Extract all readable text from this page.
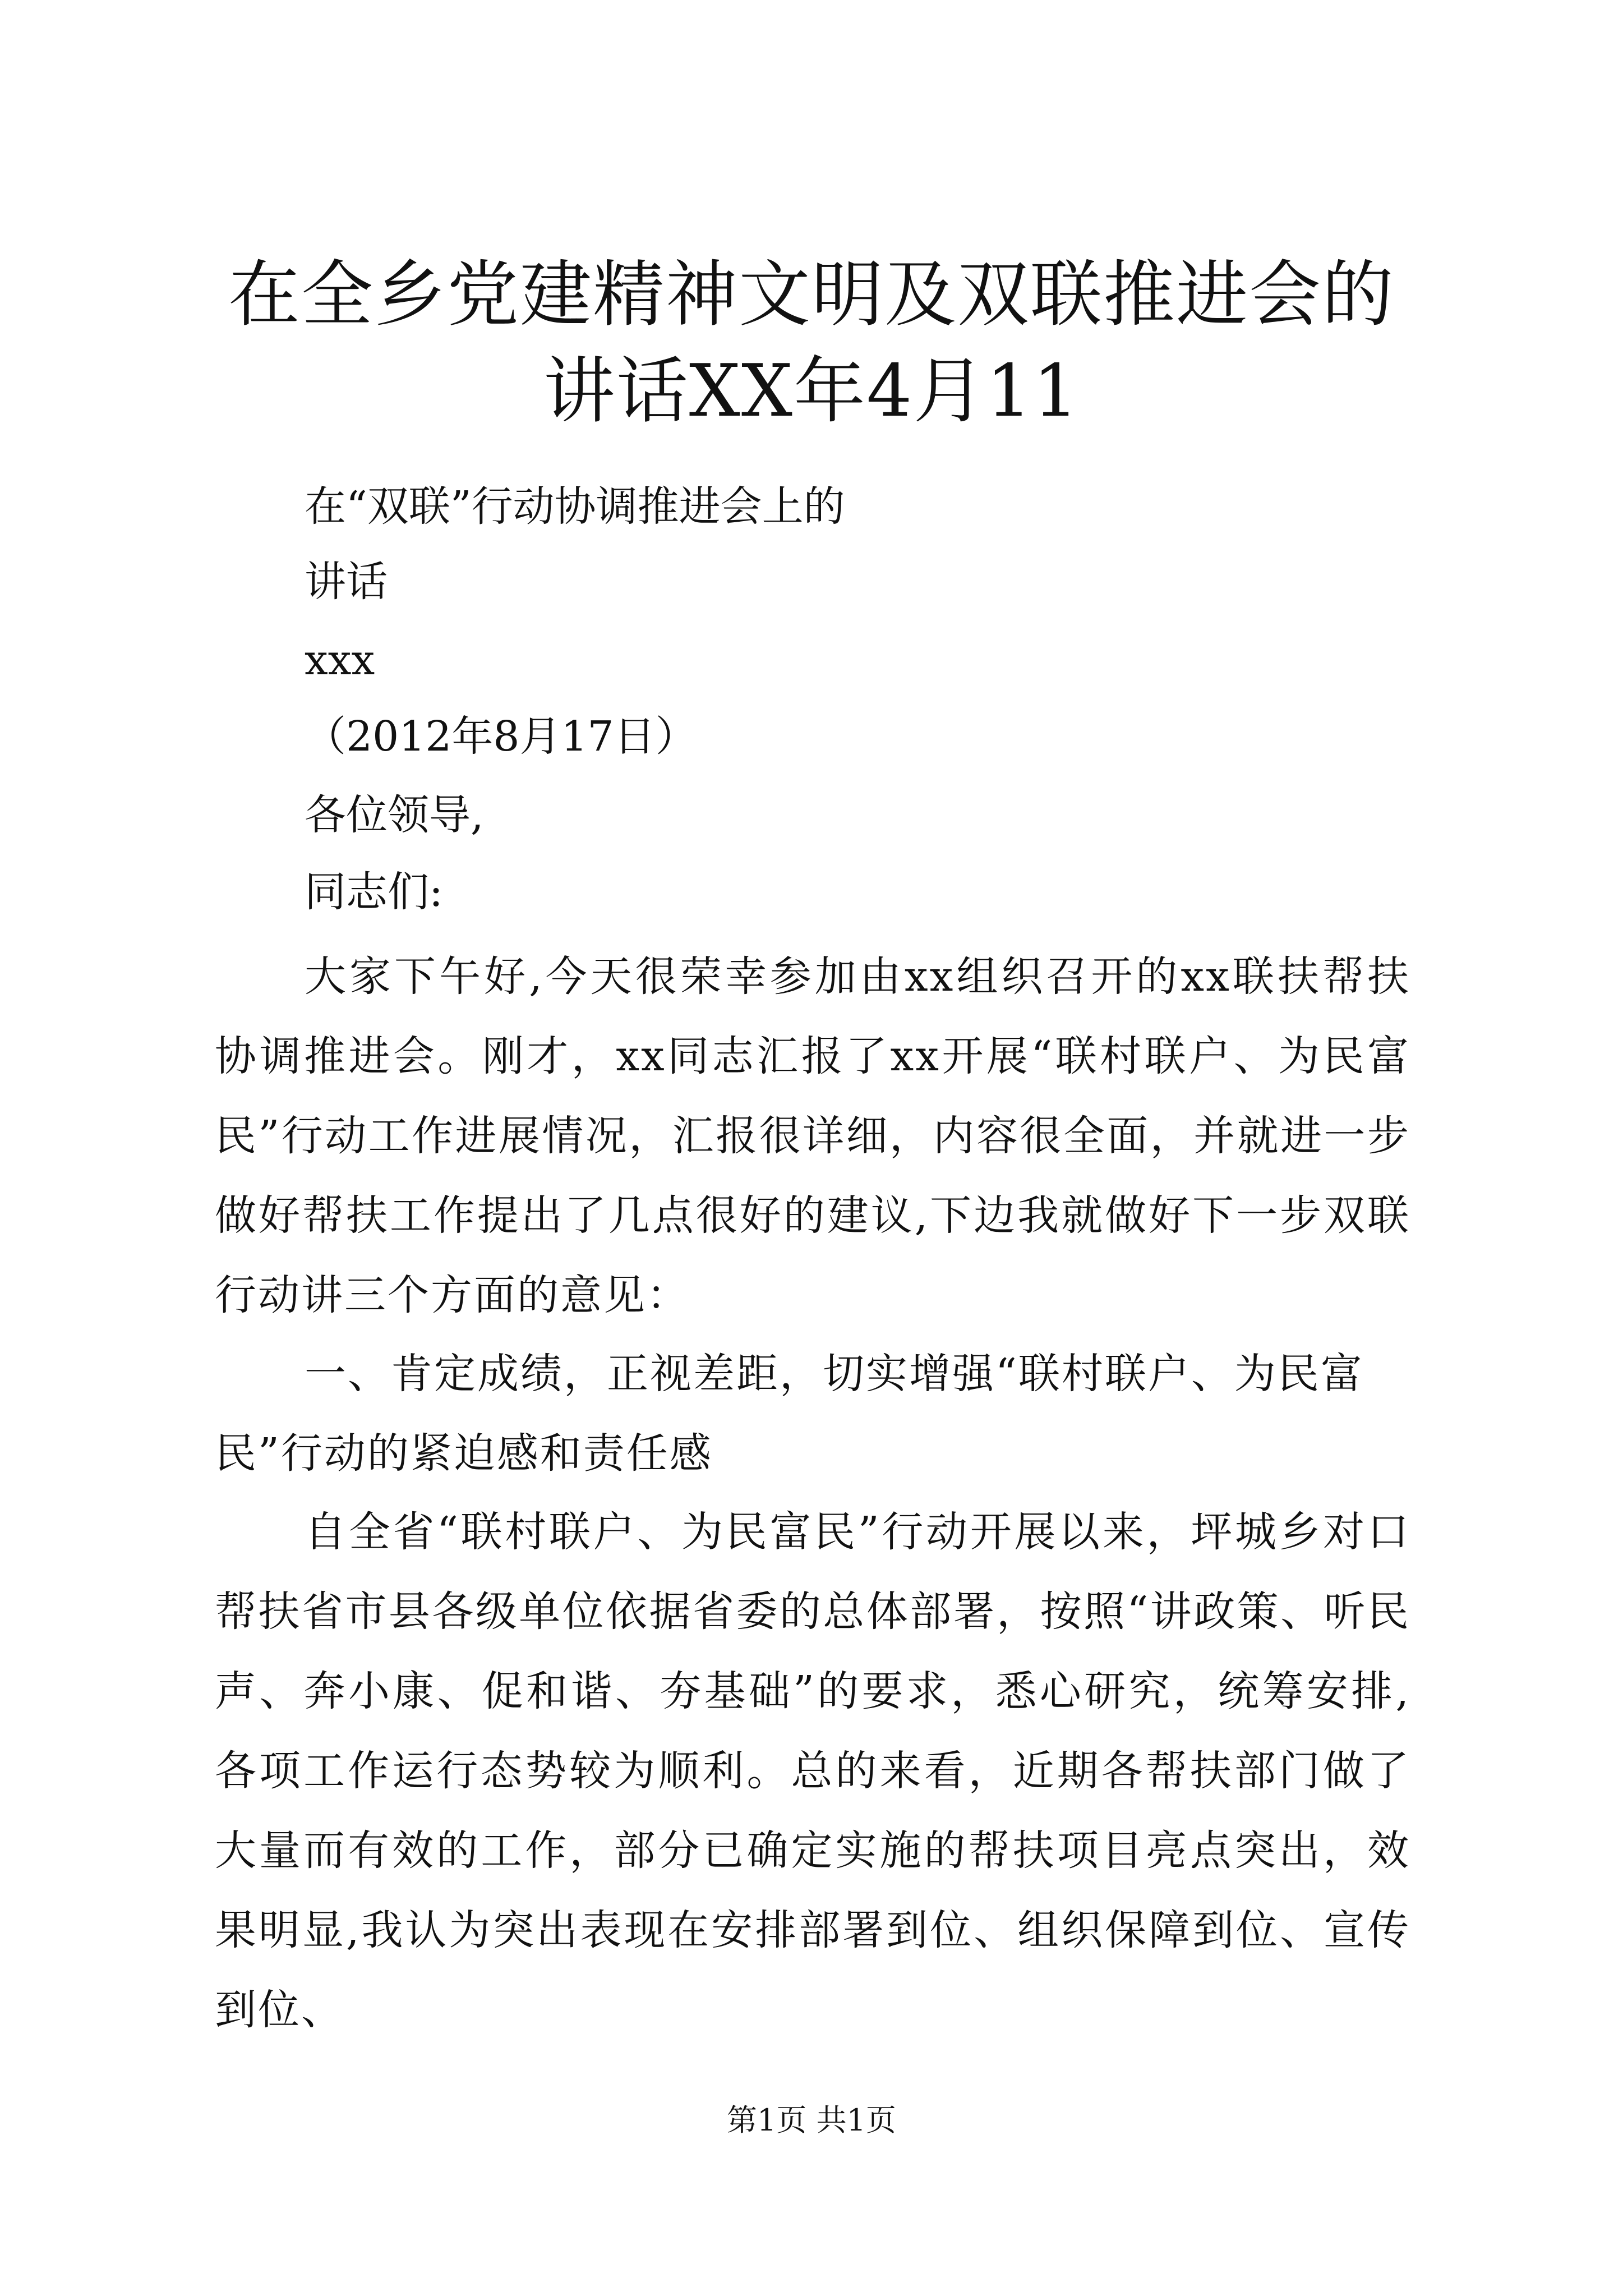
在全乡党建精神文明及双联推进会的讲话XX年4月11

在“双联”行动协调推进会上的

讲话

xxx

（2012年8月17日）

各位领导,

同志们:

大家下午好,今天很荣幸参加由xx组织召开的xx联扶帮扶协调推进会。刚才，xx同志汇报了xx开展“联村联户、为民富民”行动工作进展情况，汇报很详细，内容很全面，并就进一步做好帮扶工作提出了几点很好的建议,下边我就做好下一步双联行动讲三个方面的意见：

一、肯定成绩，正视差距，切实增强“联村联户、为民富民”行动的紧迫感和责任感

自全省“联村联户、为民富民”行动开展以来，坪城乡对口帮扶省市县各级单位依据省委的总体部署，按照“讲政策、听民声、奔小康、促和谐、夯基础”的要求，悉心研究，统筹安排,各项工作运行态势较为顺利。总的来看，近期各帮扶部门做了大量而有效的工作，部分已确定实施的帮扶项目亮点突出，效果明显,我认为突出表现在安排部署到位、组织保障到位、宣传到位、

第1页 共1页
